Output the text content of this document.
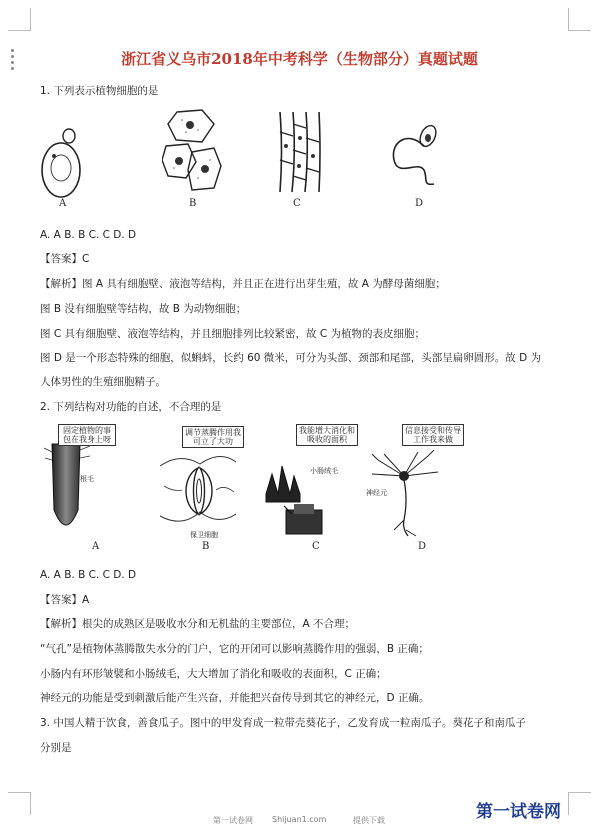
浙江省义乌市2018年中考科学（生物部分）真题试题
1. 下列表示植物细胞的是
A	B	C	D
A. A B. B C. C D. D
【答案】C
【解析】图 A 具有细胞壁、液泡等结构，并且正在进行出芽生殖，故 A 为酵母菌细胞；
图 B 没有细胞壁等结构，故 B 为动物细胞；
图 C 具有细胞壁、液泡等结构，并且细胞排列比较紧密，故 C 为植物的表皮细胞；
图 D 是一个形态特殊的细胞，似蝌蚪，长约 60 微米，可分为头部、颈部和尾部，头部呈扁卵圆形。故 D 为
人体男性的生殖细胞精子。
2. 下列结构对功能的自述，不合理的是
固定植物的事包在我身上呀
根毛
A
调节蒸腾作用我可立了大功
保卫细胞
B
我能增大消化和吸收的面积
小肠绒毛
C
信息接受和传导工作我来做
神经元
D
A. A B. B C. C D. D
【答案】A
【解析】根尖的成熟区是吸收水分和无机盐的主要部位，A 不合理；
“气孔”是植物体蒸腾散失水分的门户，它的开闭可以影响蒸腾作用的强弱，B 正确；
小肠内有环形皱襞和小肠绒毛，大大增加了消化和吸收的表面积，C 正确；
神经元的功能是受到刺激后能产生兴奋，并能把兴奋传导到其它的神经元，D 正确。
3. 中国人精于饮食，善食瓜子。图中的甲发育成一粒带壳葵花子，乙发育成一粒南瓜子。葵花子和南瓜子
分别是
第一试卷网 Shijuan1.com	提供下载	第一试卷网
